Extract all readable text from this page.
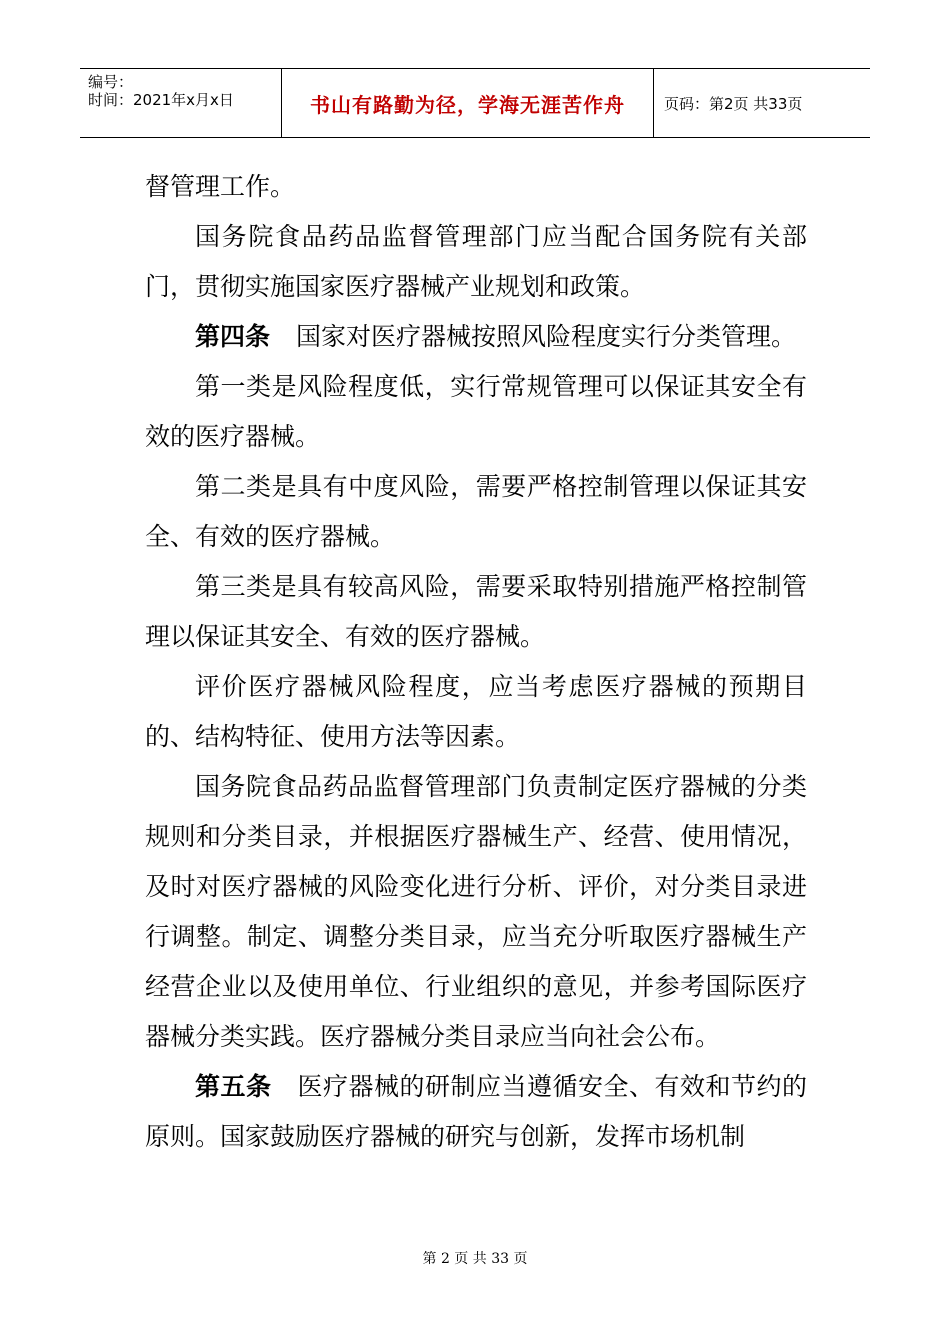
编号：
时间：2021年x月x日	书山有路勤为径，学海无涯苦作舟	页码：第2页 共33页

督管理工作。

国务院食品药品监督管理部门应当配合国务院有关部门，贯彻实施国家医疗器械产业规划和政策。

第四条 国家对医疗器械按照风险程度实行分类管理。

第一类是风险程度低，实行常规管理可以保证其安全有效的医疗器械。

第二类是具有中度风险，需要严格控制管理以保证其安全、有效的医疗器械。

第三类是具有较高风险，需要采取特别措施严格控制管理以保证其安全、有效的医疗器械。

评价医疗器械风险程度，应当考虑医疗器械的预期目的、结构特征、使用方法等因素。

国务院食品药品监督管理部门负责制定医疗器械的分类规则和分类目录，并根据医疗器械生产、经营、使用情况，及时对医疗器械的风险变化进行分析、评价，对分类目录进行调整。制定、调整分类目录，应当充分听取医疗器械生产经营企业以及使用单位、行业组织的意见，并参考国际医疗器械分类实践。医疗器械分类目录应当向社会公布。

第五条 医疗器械的研制应当遵循安全、有效和节约的原则。国家鼓励医疗器械的研究与创新，发挥市场机制

第 2 页 共 33 页
